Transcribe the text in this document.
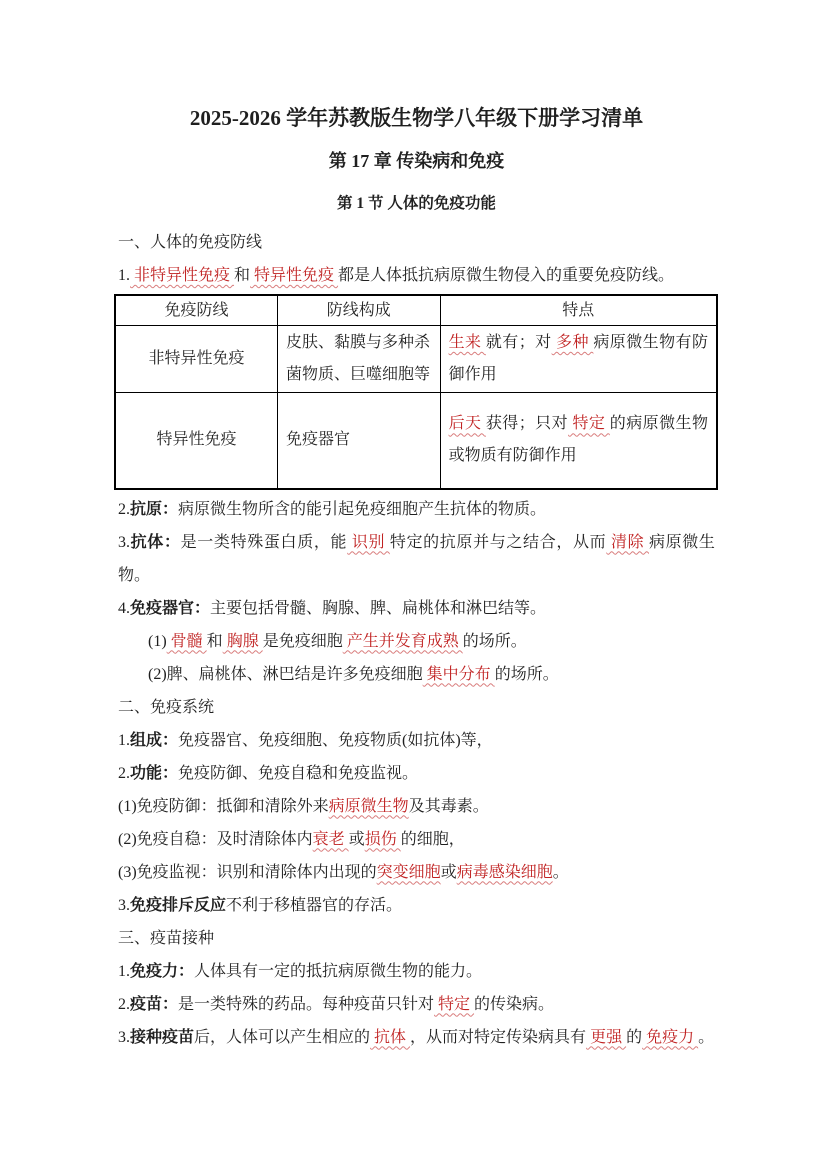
2025-2026 学年苏教版生物学八年级下册学习清单
第 17 章 传染病和免疫
第 1 节 人体的免疫功能
一、人体的免疫防线
1. 非特异性免疫 和 特异性免疫 都是人体抵抗病原微生物侵入的重要免疫防线。
免疫防线	防线构成	特点
非特异性免疫	皮肤、黏膜与多种杀菌物质、巨噬细胞等	生来 就有；对 多种 病原微生物有防御作用
特异性免疫	免疫器官	后天 获得；只对 特定 的病原微生物或物质有防御作用
2.抗原：病原微生物所含的能引起免疫细胞产生抗体的物质。
3.抗体：是一类特殊蛋白质，能 识别 特定的抗原并与之结合，从而 清除 病原微生物。
4.免疫器官：主要包括骨髓、胸腺、脾、扁桃体和淋巴结等。
(1) 骨髓 和 胸腺 是免疫细胞 产生并发育成熟 的场所。
(2)脾、扁桃体、淋巴结是许多免疫细胞 集中分布 的场所。
二、免疫系统
1.组成：免疫器官、免疫细胞、免疫物质(如抗体)等，
2.功能：免疫防御、免疫自稳和免疫监视。
(1)免疫防御：抵御和清除外来病原微生物及其毒素。
(2)免疫自稳：及时清除体内衰老 或损伤 的细胞，
(3)免疫监视：识别和清除体内出现的突变细胞或病毒感染细胞。
3.免疫排斥反应不利于移植器官的存活。
三、疫苗接种
1.免疫力：人体具有一定的抵抗病原微生物的能力。
2.疫苗：是一类特殊的药品。每种疫苗只针对 特定 的传染病。
3.接种疫苗后，人体可以产生相应的 抗体 ，从而对特定传染病具有 更强 的 免疫力 。
